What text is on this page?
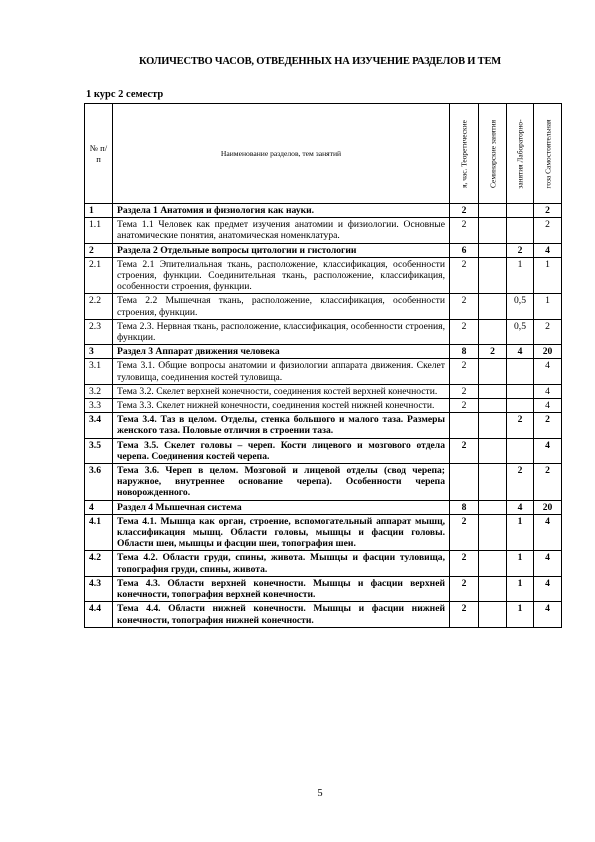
КОЛИЧЕСТВО ЧАСОВ, ОТВЕДЕННЫХ НА ИЗУЧЕНИЕ РАЗДЕЛОВ И ТЕМ
1 курс 2 семестр
№ п/п	Наименование разделов, тем занятий	я, час. Теоретические	Семинарские занятия	занятия Лабораторно-	гоза Самостоятельная

1	Раздела 1 Анатомия и физиология как науки.	2			2
1.1	Тема 1.1 Человек как предмет изучения анатомии и физиологии. Основные анатомические понятия, анатомическая номенклатура.	2			2
2	Раздела 2 Отдельные вопросы цитологии и гистологии	6		2	4
2.1	Тема 2.1 Эпителиальная ткань, расположение, классификация, особенности строения, функции. Соединительная ткань, расположение, классификация, особенности строения, функции.	2		1	1
2.2	Тема 2.2 Мышечная ткань, расположение, классификация, особенности строения, функции.	2		0,5	1
2.3	Тема 2.3. Нервная ткань, расположение, классификация, особенности строения, функции.	2		0,5	2
3	Раздел 3 Аппарат движения человека	8	2	4	20
3.1	Тема 3.1. Общие вопросы анатомии и физиологии аппарата движения. Скелет туловища, соединения костей туловища.	2			4
3.2	Тема 3.2. Скелет верхней конечности, соединения костей верхней конечности.	2			4
3.3	Тема 3.3. Скелет нижней конечности, соединения костей нижней конечности.	2			4
3.4	Тема 3.4. Таз в целом. Отделы, стенка большого и малого таза. Размеры женского таза. Половые отличия в строении таза.			2	2
3.5	Тема 3.5. Скелет головы – череп. Кости лицевого и мозгового отдела черепа. Соединения костей черепа.	2			4
3.6	Тема 3.6. Череп в целом. Мозговой и лицевой отделы (свод черепа; наружное, внутреннее основание черепа). Особенности черепа новорожденного.			2	2
4	Раздел 4 Мышечная система	8		4	20
4.1	Тема 4.1. Мышца как орган, строение, вспомогательный аппарат мышц, классификация мышц. Области головы, мышцы и фасции головы. Области шеи, мышцы и фасции шеи, топография шеи.	2		1	4
4.2	Тема 4.2. Области груди, спины, живота. Мышцы и фасции туловища, топография груди, спины, живота.	2		1	4
4.3	Тема 4.3. Области верхней конечности. Мышцы и фасции верхней конечности, топография верхней конечности.	2		1	4
4.4	Тема 4.4. Области нижней конечности. Мышцы и фасции нижней конечности, топография нижней конечности.	2		1	4
5
